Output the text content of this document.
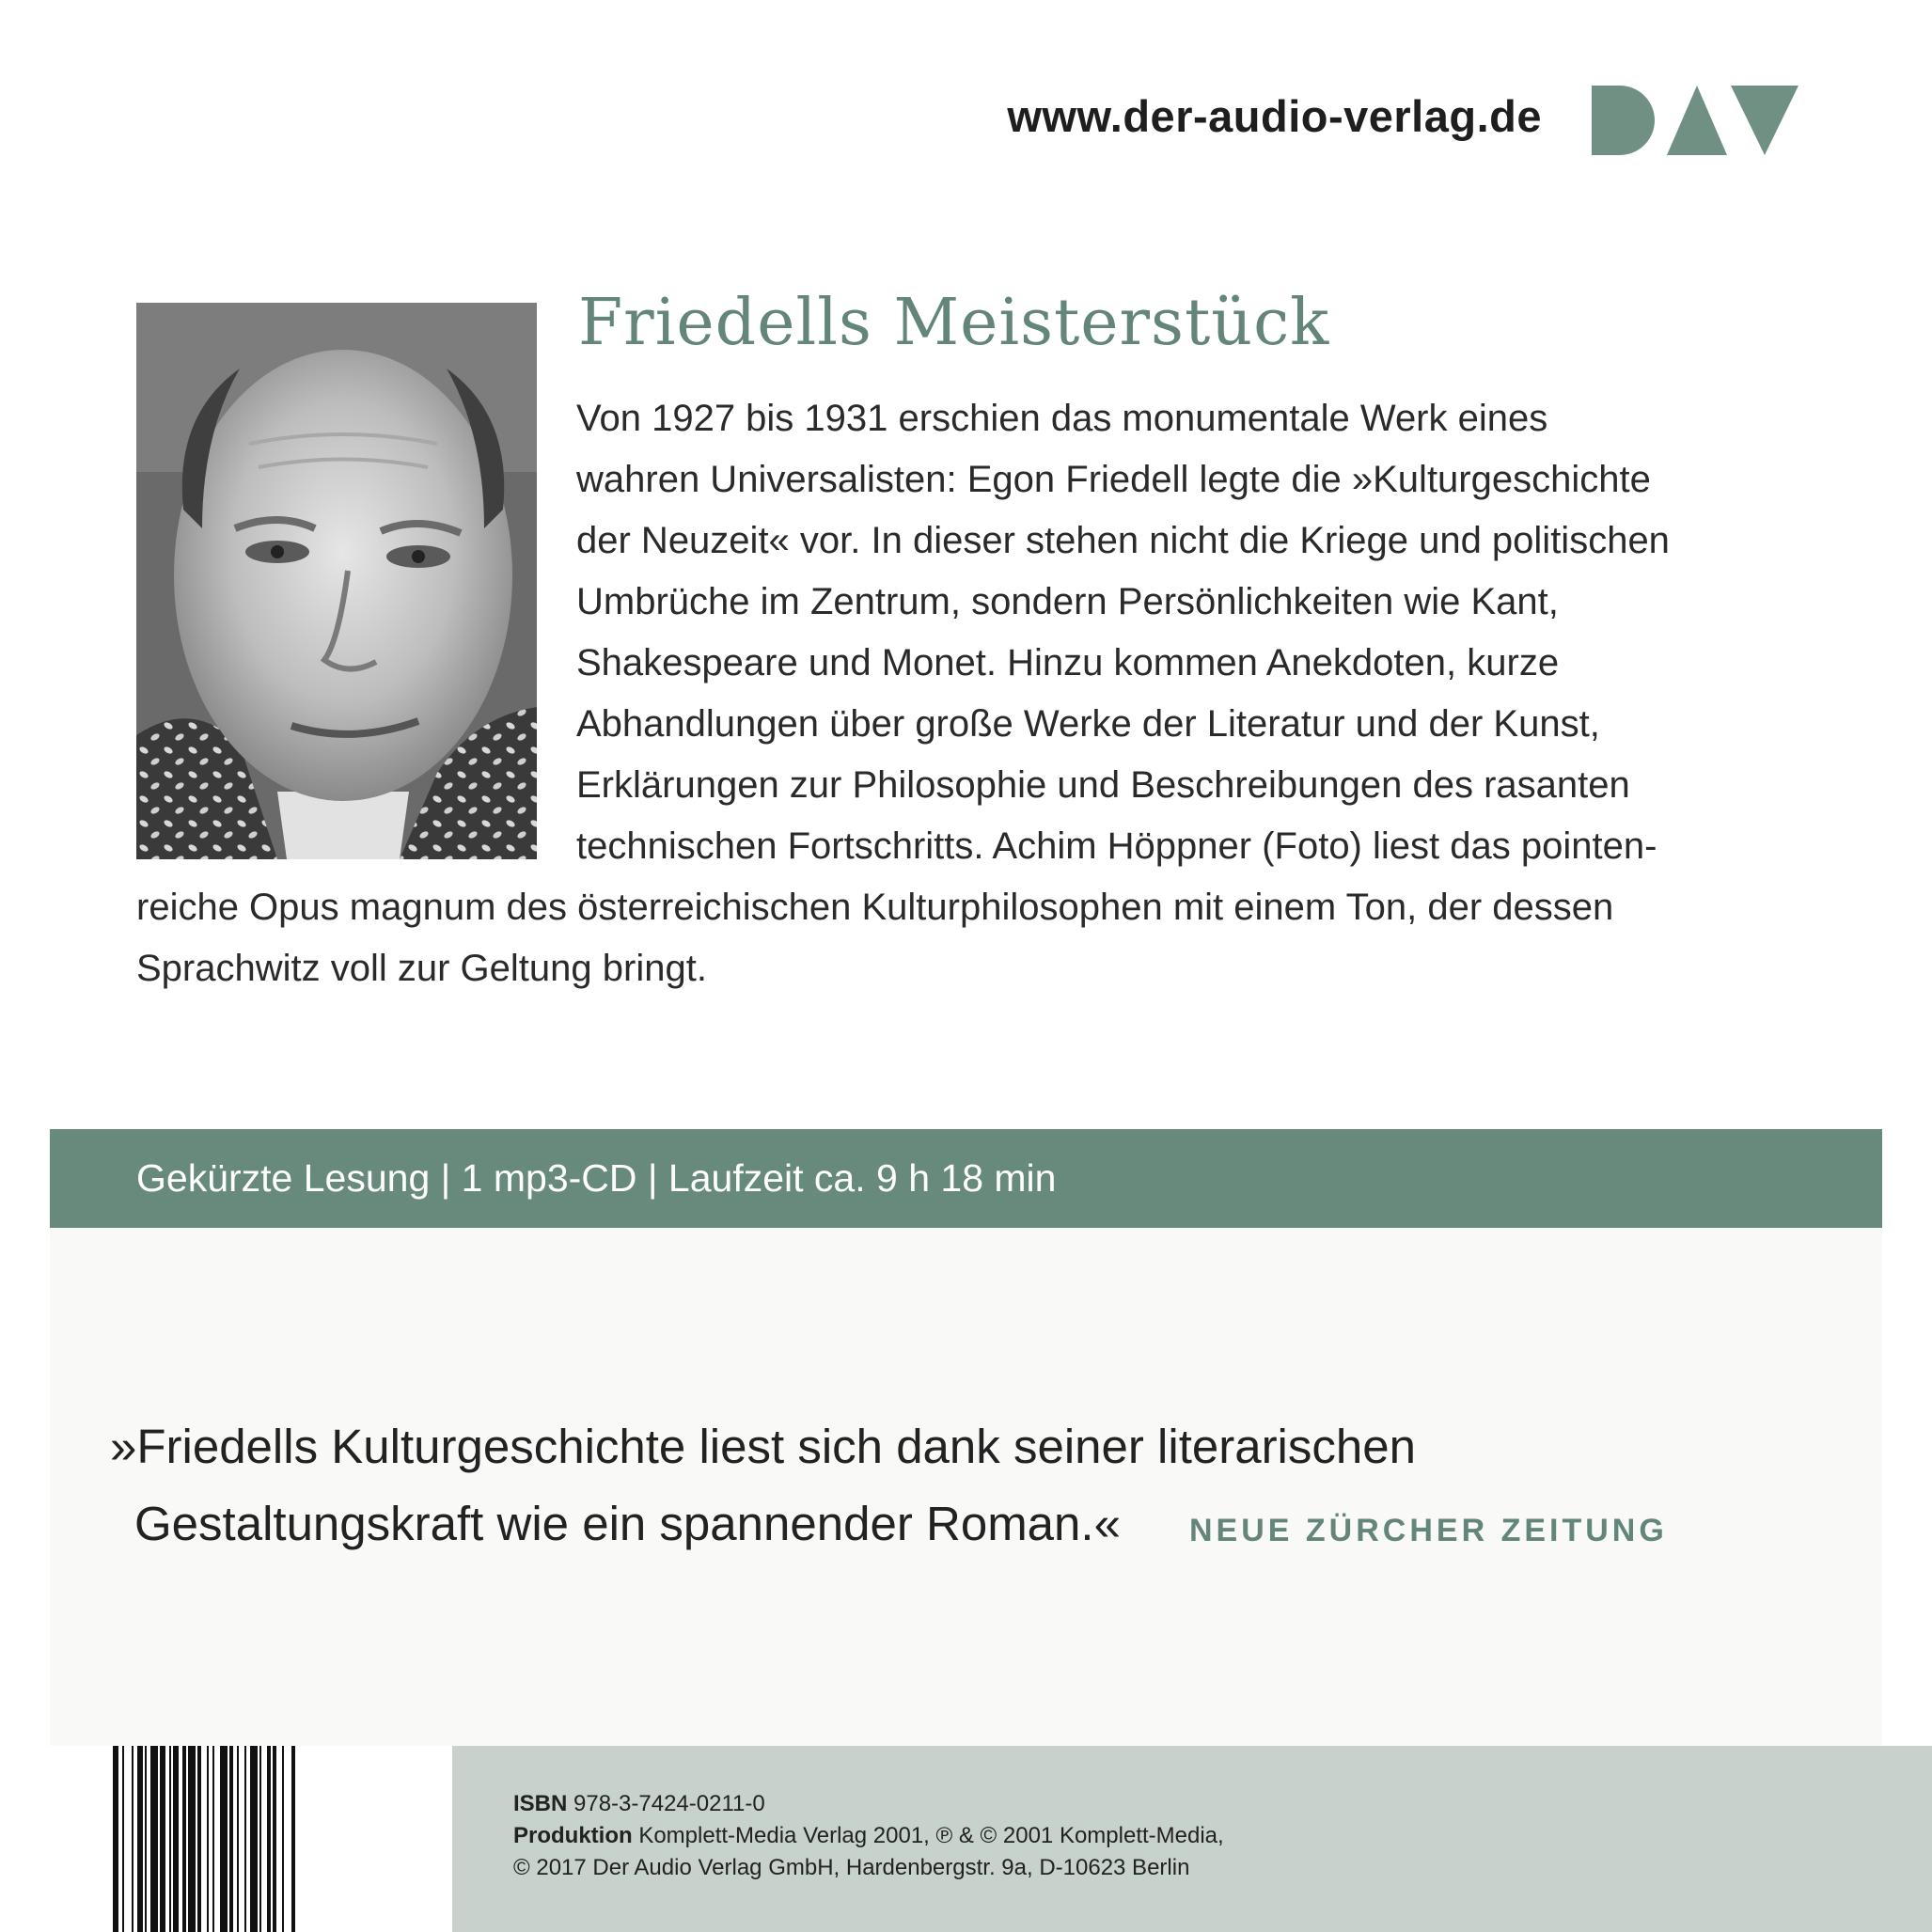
www.der-audio-verlag.de
Friedells Meisterstück
Von 1927 bis 1931 erschien das monumentale Werk eines
wahren Universalisten: Egon Friedell legte die »Kulturgeschichte
der Neuzeit« vor. In dieser stehen nicht die Kriege und politischen
Umbrüche im Zentrum, sondern Persönlichkeiten wie Kant,
Shakespeare und Monet. Hinzu kommen Anekdoten, kurze
Abhandlungen über große Werke der Literatur und der Kunst,
Erklärungen zur Philosophie und Beschreibungen des rasanten
technischen Fortschritts. Achim Höppner (Foto) liest das pointen-
reiche Opus magnum des österreichischen Kulturphilosophen mit einem Ton, der dessen
Sprachwitz voll zur Geltung bringt.
Gekürzte Lesung | 1 mp3-CD | Laufzeit ca. 9 h 18 min
»Friedells Kulturgeschichte liest sich dank seiner literarischen
Gestaltungskraft wie ein spannender Roman.« NEUE ZÜRCHER ZEITUNG
ISBN 978-3-7424-0211-0
Produktion Komplett-Media Verlag 2001, ℗ & © 2001 Komplett-Media,
© 2017 Der Audio Verlag GmbH, Hardenbergstr. 9a, D-10623 Berlin
